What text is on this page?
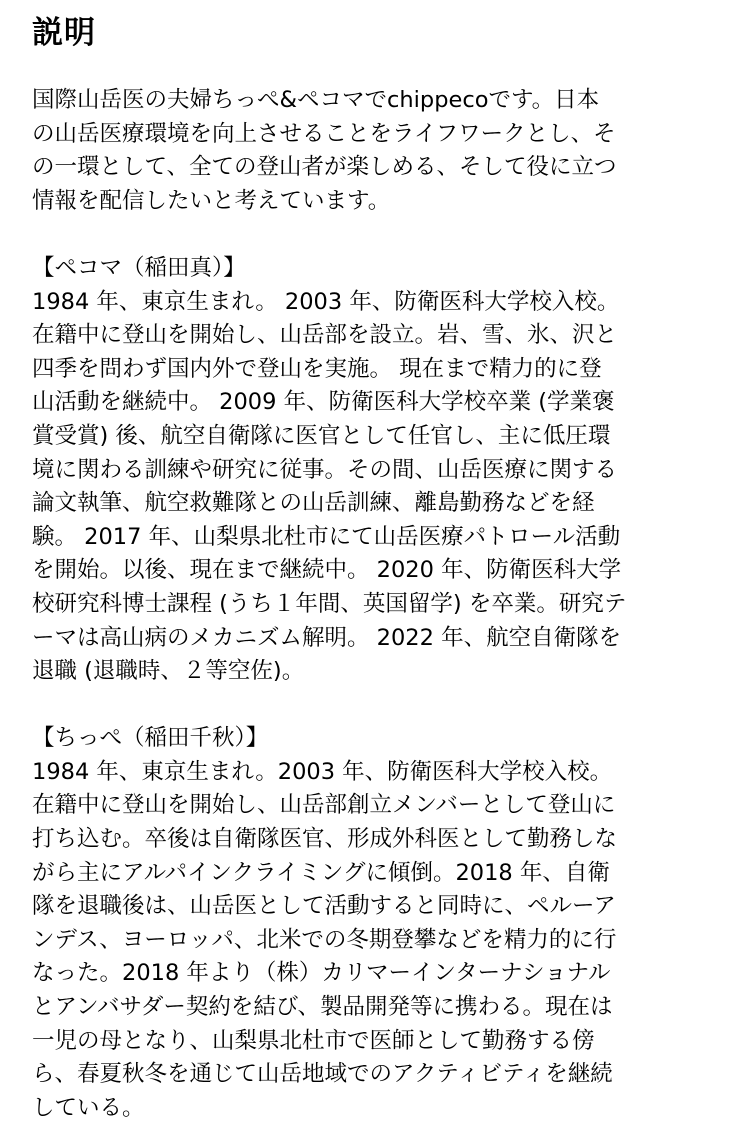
説明
国際山岳医の夫婦ちっぺ&ペコマでchippecoです。日本
の山岳医療環境を向上させることをライフワークとし、そ
の一環として、全ての登山者が楽しめる、そして役に立つ
情報を配信したいと考えています。
【ペコマ（稲田真）】
1984 年、東京生まれ。 2003 年、防衛医科大学校入校。
在籍中に登山を開始し、山岳部を設立。岩、雪、氷、沢と
四季を問わず国内外で登山を実施。 現在まで精力的に登
山活動を継続中。 2009 年、防衛医科大学校卒業 (学業褒
賞受賞) 後、航空自衛隊に医官として任官し、主に低圧環
境に関わる訓練や研究に従事。その間、山岳医療に関する
論文執筆、航空救難隊との山岳訓練、離島勤務などを経
験。 2017 年、山梨県北杜市にて山岳医療パトロール活動
を開始。以後、現在まで継続中。 2020 年、防衛医科大学
校研究科博士課程 (うち１年間、英国留学) を卒業。研究テ
ーマは高山病のメカニズム解明。 2022 年、航空自衛隊を
退職 (退職時、２等空佐)。
【ちっぺ（稲田千秋）】
1984 年、東京生まれ。2003 年、防衛医科大学校入校。
在籍中に登山を開始し、山岳部創立メンバーとして登山に
打ち込む。卒後は自衛隊医官、形成外科医として勤務しな
がら主にアルパインクライミングに傾倒。2018 年、自衛
隊を退職後は、山岳医として活動すると同時に、ペルーア
ンデス、ヨーロッパ、北米での冬期登攀などを精力的に行
なった。2018 年より（株）カリマーインターナショナル
とアンバサダー契約を結び、製品開発等に携わる。現在は
一児の母となり、山梨県北杜市で医師として勤務する傍
ら、春夏秋冬を通じて山岳地域でのアクティビティを継続
している。
